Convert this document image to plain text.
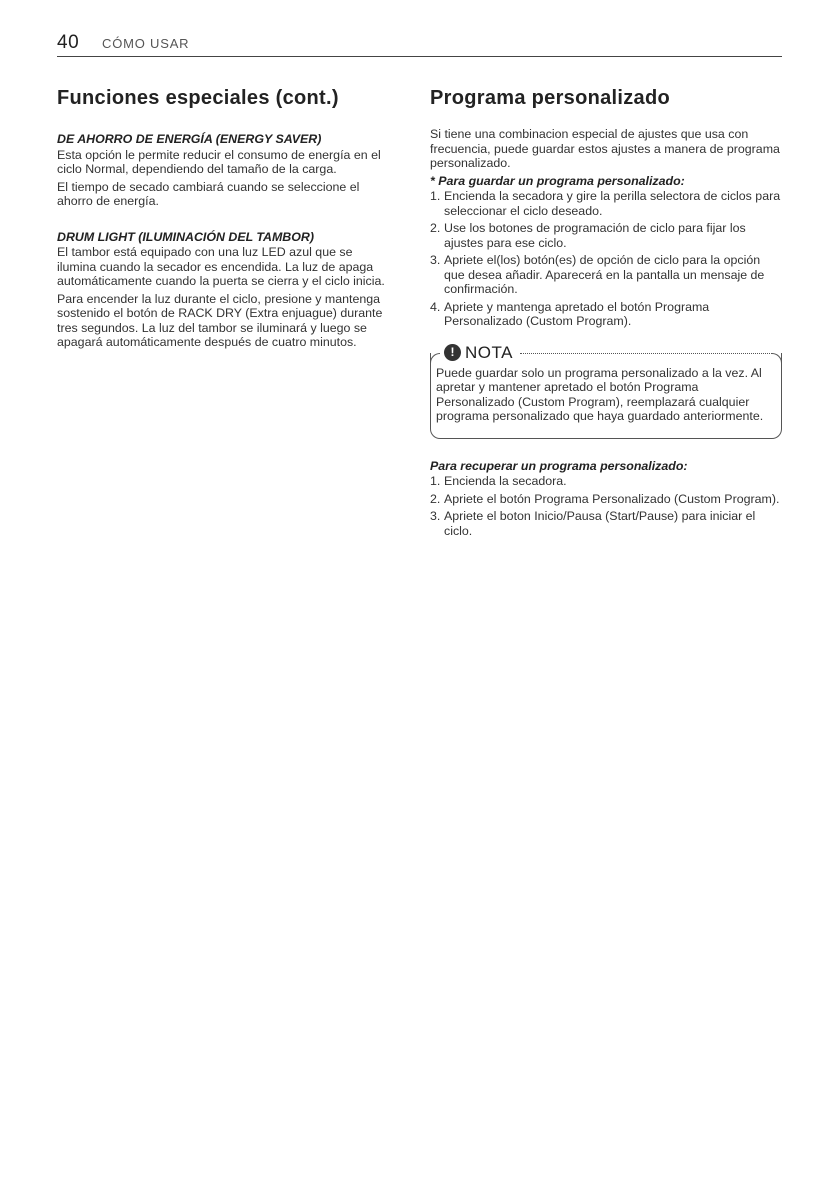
40 CÓMO USAR
Funciones especiales (cont.)
DE AHORRO DE ENERGÍA (ENERGY SAVER)

Esta opción le permite reducir el consumo de energía en el ciclo Normal, dependiendo del tamaño de la carga.

El tiempo de secado cambiará cuando se seleccione el ahorro de energía.

DRUM LIGHT (ILUMINACIÓN DEL TAMBOR)

El tambor está equipado con una luz LED azul que se ilumina cuando la secador es encendida. La luz de apaga automáticamente cuando la puerta se cierra y el ciclo inicia.

Para encender la luz durante el ciclo, presione y mantenga sostenido el botón de RACK DRY (Extra enjuague) durante tres segundos. La luz del tambor se iluminará y luego se apagará automáticamente después de cuatro minutos.

Programa personalizado

Si tiene una combinacion especial de ajustes que usa con frecuencia, puede guardar estos ajustes a manera de programa personalizado.

* Para guardar un programa personalizado:
1. Encienda la secadora y gire la perilla selectora de ciclos para seleccionar el ciclo deseado.
2. Use los botones de programación de ciclo para fijar los ajustes para ese ciclo.
3. Apriete el(los) botón(es) de opción de ciclo para la opción que desea añadir. Aparecerá en la pantalla un mensaje de confirmación.
4. Apriete y mantenga apretado el botón Programa Personalizado (Custom Program).
! NOTA
Puede guardar solo un programa personalizado a la vez. Al apretar y mantener apretado el botón Programa Personalizado (Custom Program), reemplazará cualquier programa personalizado que haya guardado anteriormente.
Para recuperar un programa personalizado:
1. Encienda la secadora.
2. Apriete el botón Programa Personalizado (Custom Program).
3. Apriete el boton Inicio/Pausa (Start/Pause) para iniciar el ciclo.
